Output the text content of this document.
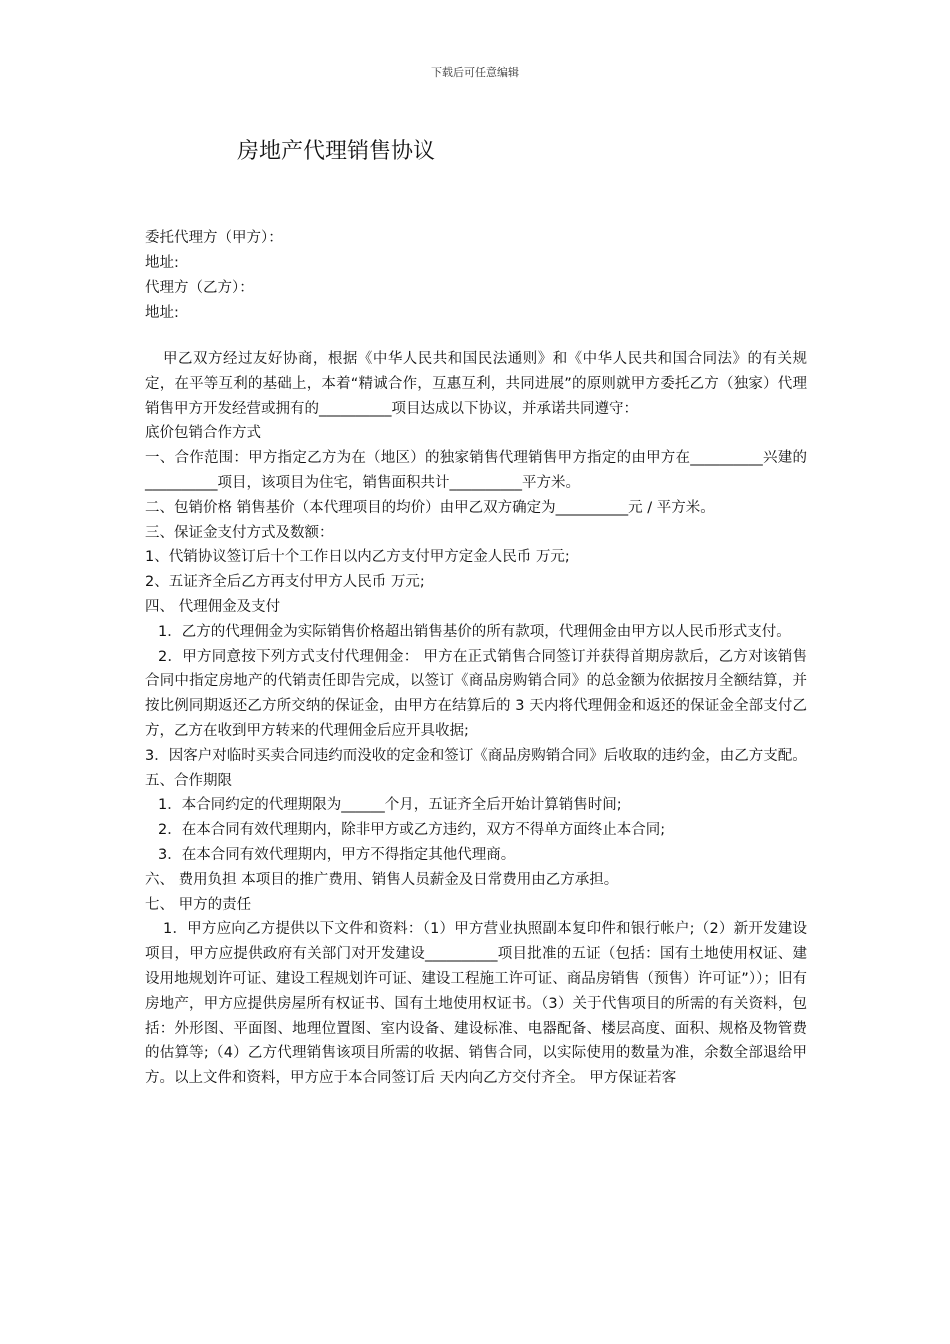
下载后可任意编辑
房地产代理销售协议
委托代理方（甲方）：
地址:
代理方（乙方）：
地址:

甲乙双方经过友好协商，根据《中华人民共和国民法通则》和《中华人民共和国合同法》的有关规定，在平等互利的基础上，本着“精诚合作，互惠互利，共同进展”的原则就甲方委托乙方（独家）代理销售甲方开发经营或拥有的__________项目达成以下协议，并承诺共同遵守：

底价包销合作方式

一、合作范围：甲方指定乙方为在（地区）的独家销售代理销售甲方指定的由甲方在__________兴建的__________项目，该项目为住宅，销售面积共计__________平方米。

二、包销价格 销售基价（本代理项目的均价）由甲乙双方确定为__________元 / 平方米。

三、保证金支付方式及数额：

1、代销协议签订后十个工作日以内乙方支付甲方定金人民币 万元;

2、五证齐全后乙方再支付甲方人民币 万元;

四、 代理佣金及支付

1．乙方的代理佣金为实际销售价格超出销售基价的所有款项，代理佣金由甲方以人民币形式支付。

2．甲方同意按下列方式支付代理佣金： 甲方在正式销售合同签订并获得首期房款后，乙方对该销售合同中指定房地产的代销责任即告完成，以签订《商品房购销合同》的总金额为依据按月全额结算，并按比例同期返还乙方所交纳的保证金，由甲方在结算后的 3 天内将代理佣金和返还的保证金全部支付乙方，乙方在收到甲方转来的代理佣金后应开具收据;

3．因客户对临时买卖合同违约而没收的定金和签订《商品房购销合同》后收取的违约金，由乙方支配。

五、合作期限

1．本合同约定的代理期限为______个月，五证齐全后开始计算销售时间;

2．在本合同有效代理期内，除非甲方或乙方违约，双方不得单方面终止本合同;

3．在本合同有效代理期内，甲方不得指定其他代理商。

六、 费用负担 本项目的推广费用、销售人员薪金及日常费用由乙方承担。

七、 甲方的责任

1．甲方应向乙方提供以下文件和资料：（1）甲方营业执照副本复印件和银行帐户;（2）新开发建设项目，甲方应提供政府有关部门对开发建设__________项目批准的五证（包括：国有土地使用权证、建设用地规划许可证、建设工程规划许可证、建设工程施工许可证、商品房销售（预售）许可证”））；旧有房地产，甲方应提供房屋所有权证书、国有土地使用权证书。（3）关于代售项目的所需的有关资料，包括：外形图、平面图、地理位置图、室内设备、建设标准、电器配备、楼层高度、面积、规格及物管费的估算等;（4）乙方代理销售该项目所需的收据、销售合同，以实际使用的数量为准，余数全部退给甲方。以上文件和资料，甲方应于本合同签订后 天内向乙方交付齐全。 甲方保证若客
